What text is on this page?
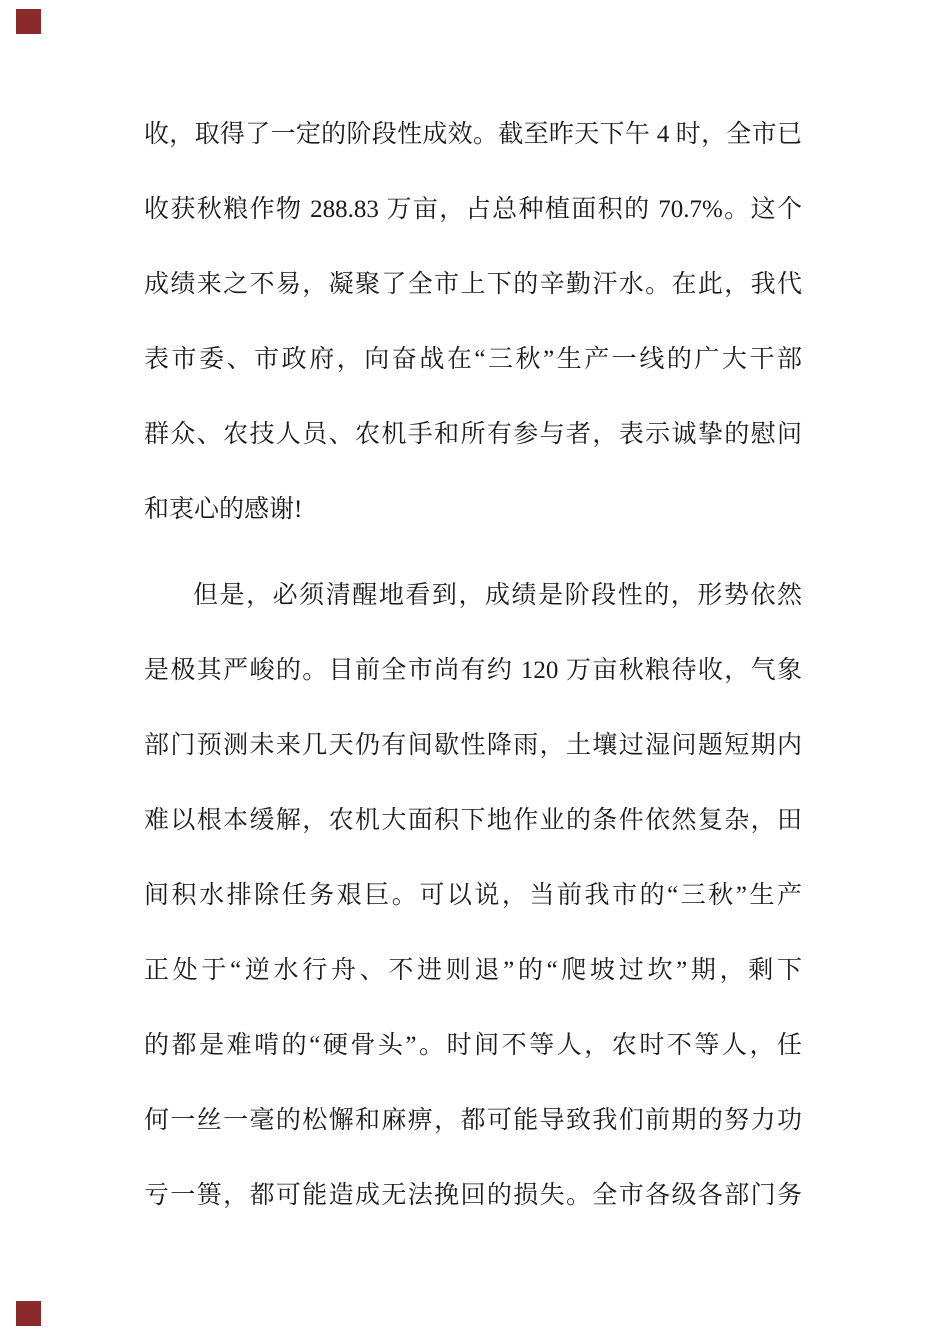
收，取得了一定的阶段性成效。截至昨天下午 4 时，全市已
收获秋粮作物 288.83 万亩，占总种植面积的 70.7%。这个
成绩来之不易，凝聚了全市上下的辛勤汗水。在此，我代
表市委、市政府，向奋战在“三秋”生产一线的广大干部
群众、农技人员、农机手和所有参与者，表示诚挚的慰问
和衷心的感谢!
但是，必须清醒地看到，成绩是阶段性的，形势依然
是极其严峻的。目前全市尚有约 120 万亩秋粮待收，气象
部门预测未来几天仍有间歇性降雨，土壤过湿问题短期内
难以根本缓解，农机大面积下地作业的条件依然复杂，田
间积水排除任务艰巨。可以说，当前我市的“三秋”生产
正处于“逆水行舟、不进则退”的“爬坡过坎”期，剩下
的都是难啃的“硬骨头”。时间不等人，农时不等人，任
何一丝一毫的松懈和麻痹，都可能导致我们前期的努力功
亏一篑，都可能造成无法挽回的损失。全市各级各部门务
